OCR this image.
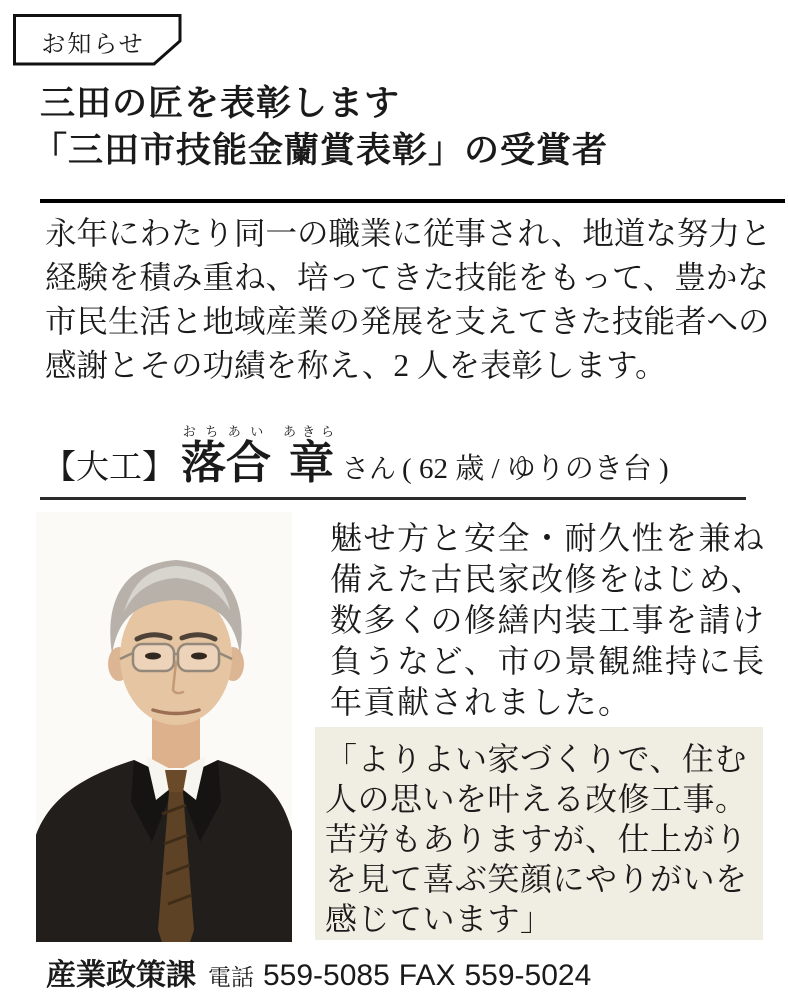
お知らせ
三田の匠を表彰します
「三田市技能金蘭賞表彰」の受賞者
永年にわたり同一の職業に従事され、地道な努力と経験を積み重ね、培ってきた技能をもって、豊かな市民生活と地域産業の発展を支えてきた技能者への感謝とその功績を称え、2 人を表彰します。
【大工】 落合おちあい
章あきら
さん ( 62 歳 / ゆりのき台 )
魅せ方と安全・耐久性を兼ね備えた古民家改修をはじめ、数多くの修繕内装工事を請け負うなど、市の景観維持に長年貢献されました。
「よりよい家づくりで、住む人の思いを叶える改修工事。苦労もありますが、仕上がりを見て喜ぶ笑顔にやりがいを感じています」
産業政策課 電話 559-5085 FAX 559-5024
